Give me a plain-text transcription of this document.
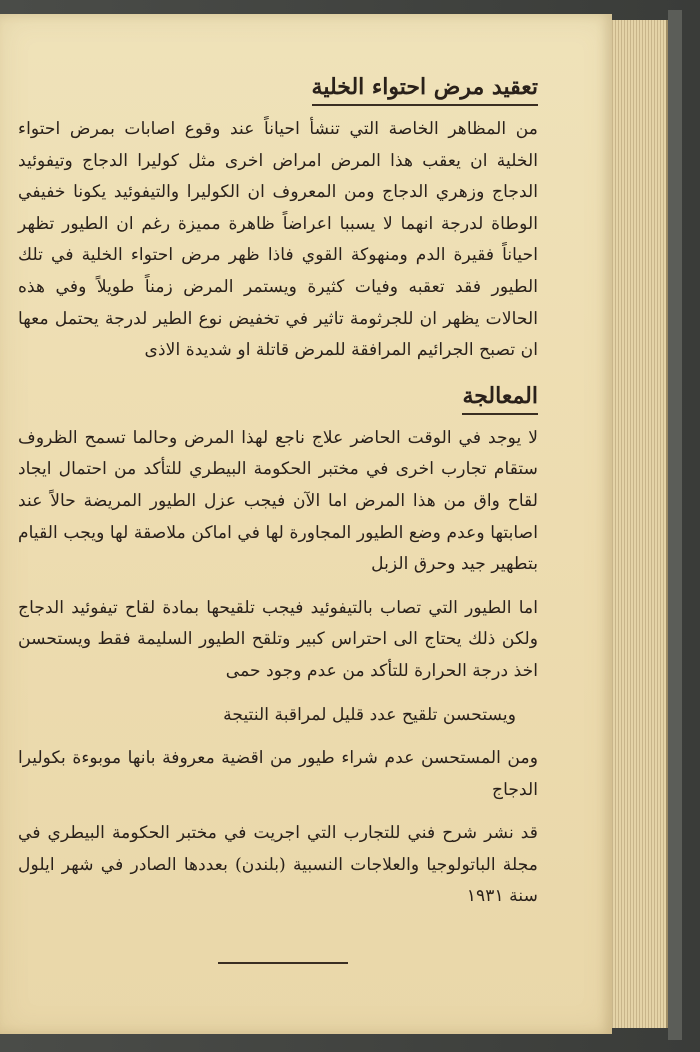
تعقيد مرض احتواء الخلية

من المظاهر الخاصة التي تنشأ احياناً عند وقوع اصابات بمرض احتواء الخلية ان يعقب هذا المرض امراض اخرى مثل كوليرا الدجاج وتيفوئيد الدجاج وزهري الدجاج ومن المعروف ان الكوليرا والتيفوئيد يكونا خفيفي الوطاة لدرجة انهما لا يسببا اعراضاً ظاهرة مميزة رغم ان الطيور تظهر احياناً فقيرة الدم ومنهوكة القوي فاذا ظهر مرض احتواء الخلية في تلك الطيور فقد تعقبه وفيات كثيرة ويستمر المرض زمناً طويلاً وفي هذه الحالات يظهر ان للجرثومة تاثير في تخفيض نوع الطير لدرجة يحتمل معها ان تصبح الجرائيم المرافقة للمرض قاتلة او شديدة الاذى

المعالجة

لا يوجد في الوقت الحاضر علاج ناجع لهذا المرض وحالما تسمح الظروف ستقام تجارب اخرى في مختبر الحكومة البيطري للتأكد من احتمال ايجاد لقاح واق من هذا المرض اما الآن فيجب عزل الطيور المريضة حالاً عند اصابتها وعدم وضع الطيور المجاورة لها في اماكن ملاصقة لها ويجب القيام بتطهير جيد وحرق الزبل

اما الطيور التي تصاب بالتيفوئيد فيجب تلقيحها بمادة لقاح تيفوئيد الدجاج ولكن ذلك يحتاج الى احتراس كبير وتلقح الطيور السليمة فقط ويستحسن اخذ درجة الحرارة للتأكد من عدم وجود حمى

ويستحسن تلقيح عدد قليل لمراقبة النتيجة

ومن المستحسن عدم شراء طيور من اقضية معروفة بانها موبوءة بكوليرا الدجاج

قد نشر شرح فني للتجارب التي اجريت في مختبر الحكومة البيطري في مجلة الباتولوجيا والعلاجات النسبية (بلندن) بعددها الصادر في شهر ايلول سنة ١٩٣١
